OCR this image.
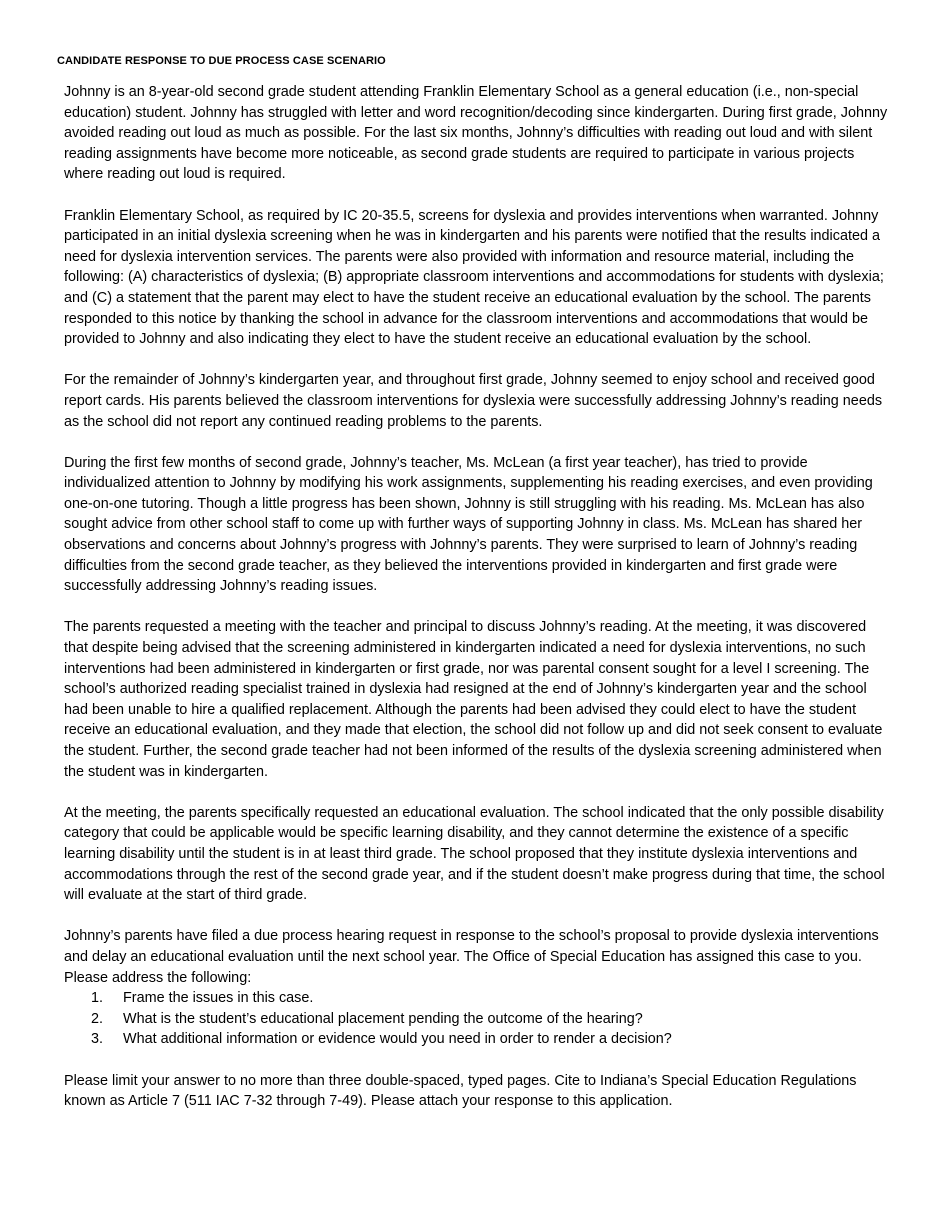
CANDIDATE RESPONSE TO DUE PROCESS CASE SCENARIO

Johnny is an 8-year-old second grade student attending Franklin Elementary School as a general education (i.e., non-special education) student. Johnny has struggled with letter and word recognition/decoding since kindergarten. During first grade, Johnny avoided reading out loud as much as possible. For the last six months, Johnny’s difficulties with reading out loud and with silent reading assignments have become more noticeable, as second grade students are required to participate in various projects where reading out loud is required.

Franklin Elementary School, as required by IC 20-35.5, screens for dyslexia and provides interventions when warranted. Johnny participated in an initial dyslexia screening when he was in kindergarten and his parents were notified that the results indicated a need for dyslexia intervention services. The parents were also provided with information and resource material, including the following: (A) characteristics of dyslexia; (B) appropriate classroom interventions and accommodations for students with dyslexia; and (C) a statement that the parent may elect to have the student receive an educational evaluation by the school. The parents responded to this notice by thanking the school in advance for the classroom interventions and accommodations that would be provided to Johnny and also indicating they elect to have the student receive an educational evaluation by the school.

For the remainder of Johnny’s kindergarten year, and throughout first grade, Johnny seemed to enjoy school and received good report cards. His parents believed the classroom interventions for dyslexia were successfully addressing Johnny’s reading needs as the school did not report any continued reading problems to the parents.

During the first few months of second grade, Johnny’s teacher, Ms. McLean (a first year teacher), has tried to provide individualized attention to Johnny by modifying his work assignments, supplementing his reading exercises, and even providing one-on-one tutoring. Though a little progress has been shown, Johnny is still struggling with his reading. Ms. McLean has also sought advice from other school staff to come up with further ways of supporting Johnny in class. Ms. McLean has shared her observations and concerns about Johnny’s progress with Johnny’s parents. They were surprised to learn of Johnny’s reading difficulties from the second grade teacher, as they believed the interventions provided in kindergarten and first grade were successfully addressing Johnny’s reading issues.

The parents requested a meeting with the teacher and principal to discuss Johnny’s reading. At the meeting, it was discovered that despite being advised that the screening administered in kindergarten indicated a need for dyslexia interventions, no such interventions had been administered in kindergarten or first grade, nor was parental consent sought for a level I screening. The school’s authorized reading specialist trained in dyslexia had resigned at the end of Johnny’s kindergarten year and the school had been unable to hire a qualified replacement. Although the parents had been advised they could elect to have the student receive an educational evaluation, and they made that election, the school did not follow up and did not seek consent to evaluate the student. Further, the second grade teacher had not been informed of the results of the dyslexia screening administered when the student was in kindergarten.

At the meeting, the parents specifically requested an educational evaluation. The school indicated that the only possible disability category that could be applicable would be specific learning disability, and they cannot determine the existence of a specific learning disability until the student is in at least third grade. The school proposed that they institute dyslexia interventions and accommodations through the rest of the second grade year, and if the student doesn’t make progress during that time, the school will evaluate at the start of third grade.

Johnny’s parents have filed a due process hearing request in response to the school’s proposal to provide dyslexia interventions and delay an educational evaluation until the next school year. The Office of Special Education has assigned this case to you. Please address the following:

1. Frame the issues in this case.
2. What is the student’s educational placement pending the outcome of the hearing?
3. What additional information or evidence would you need in order to render a decision?

Please limit your answer to no more than three double-spaced, typed pages. Cite to Indiana’s Special Education Regulations known as Article 7 (511 IAC 7-32 through 7-49). Please attach your response to this application.
